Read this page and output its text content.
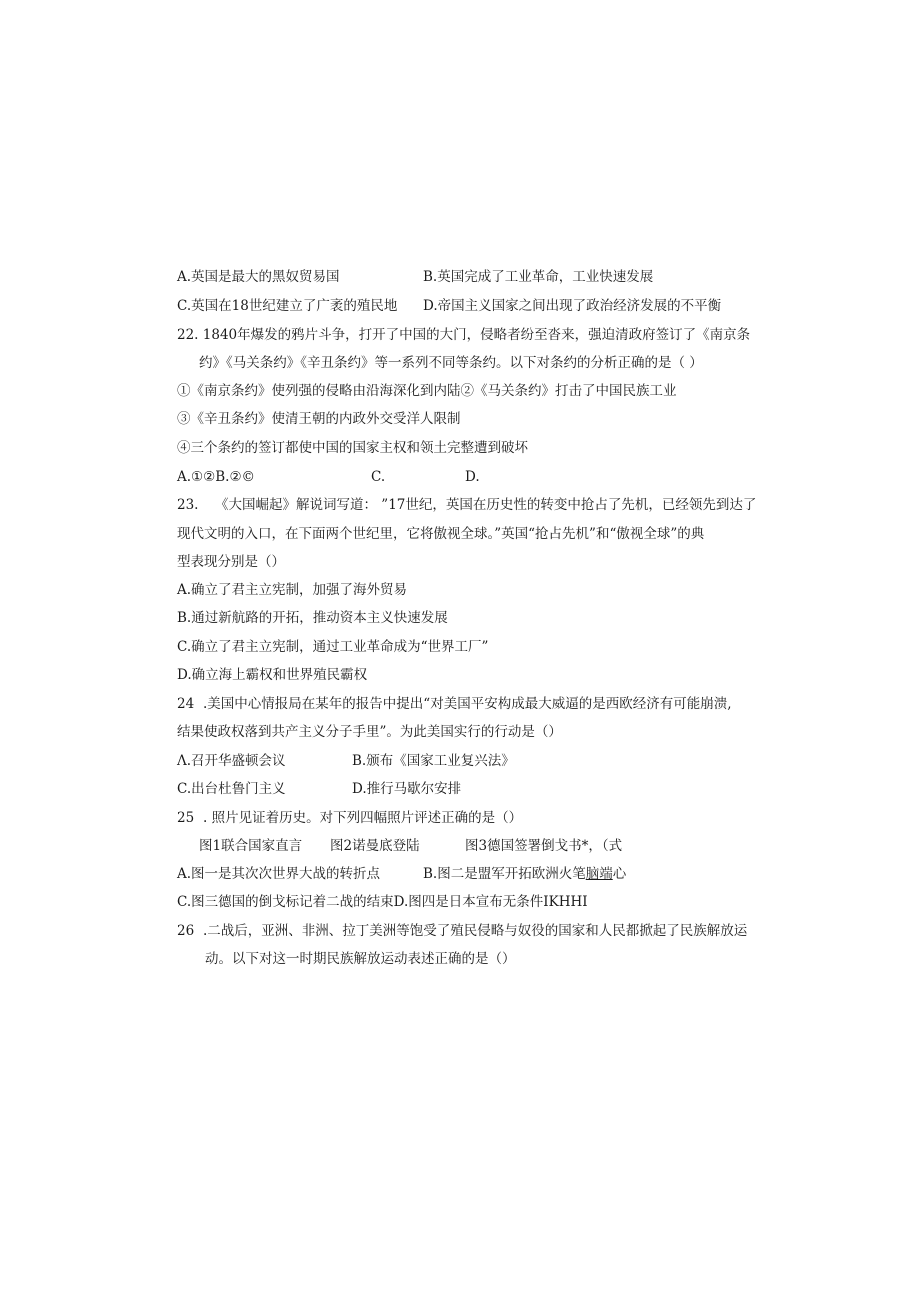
A.英国是最大的黑奴贸易国	B.英国完成了工业革命，工业快速发展
C.英国在18世纪建立了广袤的殖民地 D.帝国主义国家之间出现了政治经济发展的不平衡
22. 1840年爆发的鸦片斗争，打开了中国的大门，侵略者纷至沓来，强迫清政府签订了《南京条
约》《马关条约》《辛丑条约》等一系列不同等条约。以下对条约的分析正确的是（ ）
①《南京条约》使列强的侵略由沿海深化到内陆②《马关条约》打击了中国民族工业
③《辛丑条约》使清王朝的内政外交受洋人限制
④三个条约的签订都使中国的国家主权和领土完整遭到破坏
A.①②B.②©	C.	D.
23. 《大国崛起》解说词写道： ”17世纪，英国在历史性的转变中抢占了先机，已经领先到达了
现代文明的入口，在下面两个世纪里，它将傲视全球。”英国“抢占先机”和“傲视全球”的典
型表现分别是（）
A.确立了君主立宪制，加强了海外贸易
B.通过新航路的开拓，推动资本主义快速发展
C.确立了君主立宪制，通过工业革命成为“世界工厂”
D.确立海上霸权和世界殖民霸权
24 .美国中心情报局在某年的报告中提出“对美国平安构成最大威逼的是西欧经济有可能崩溃,
结果使政权落到共产主义分子手里”。为此美国实行的行动是（）
Λ.召开华盛顿会议	B.颁布《国家工业复兴法》
C.出台杜鲁门主义	D.推行马歇尔安排
25 . 照片见证着历史。对下列四幅照片评述正确的是（）
图1联合国家直言 图2诺曼底登陆	图3德国签署倒戈书*，（式
A.图一是其次次世界大战的转折点	B.图二是盟军开拓欧洲火笔脑端心
C.图三德国的倒戈标记着二战的结束D.图四是日本宣布无条件IKHHI
26 .二战后，亚洲、非洲、拉丁美洲等饱受了殖民侵略与奴役的国家和人民都掀起了民族解放运
动。以下对这一时期民族解放运动表述正确的是（）
